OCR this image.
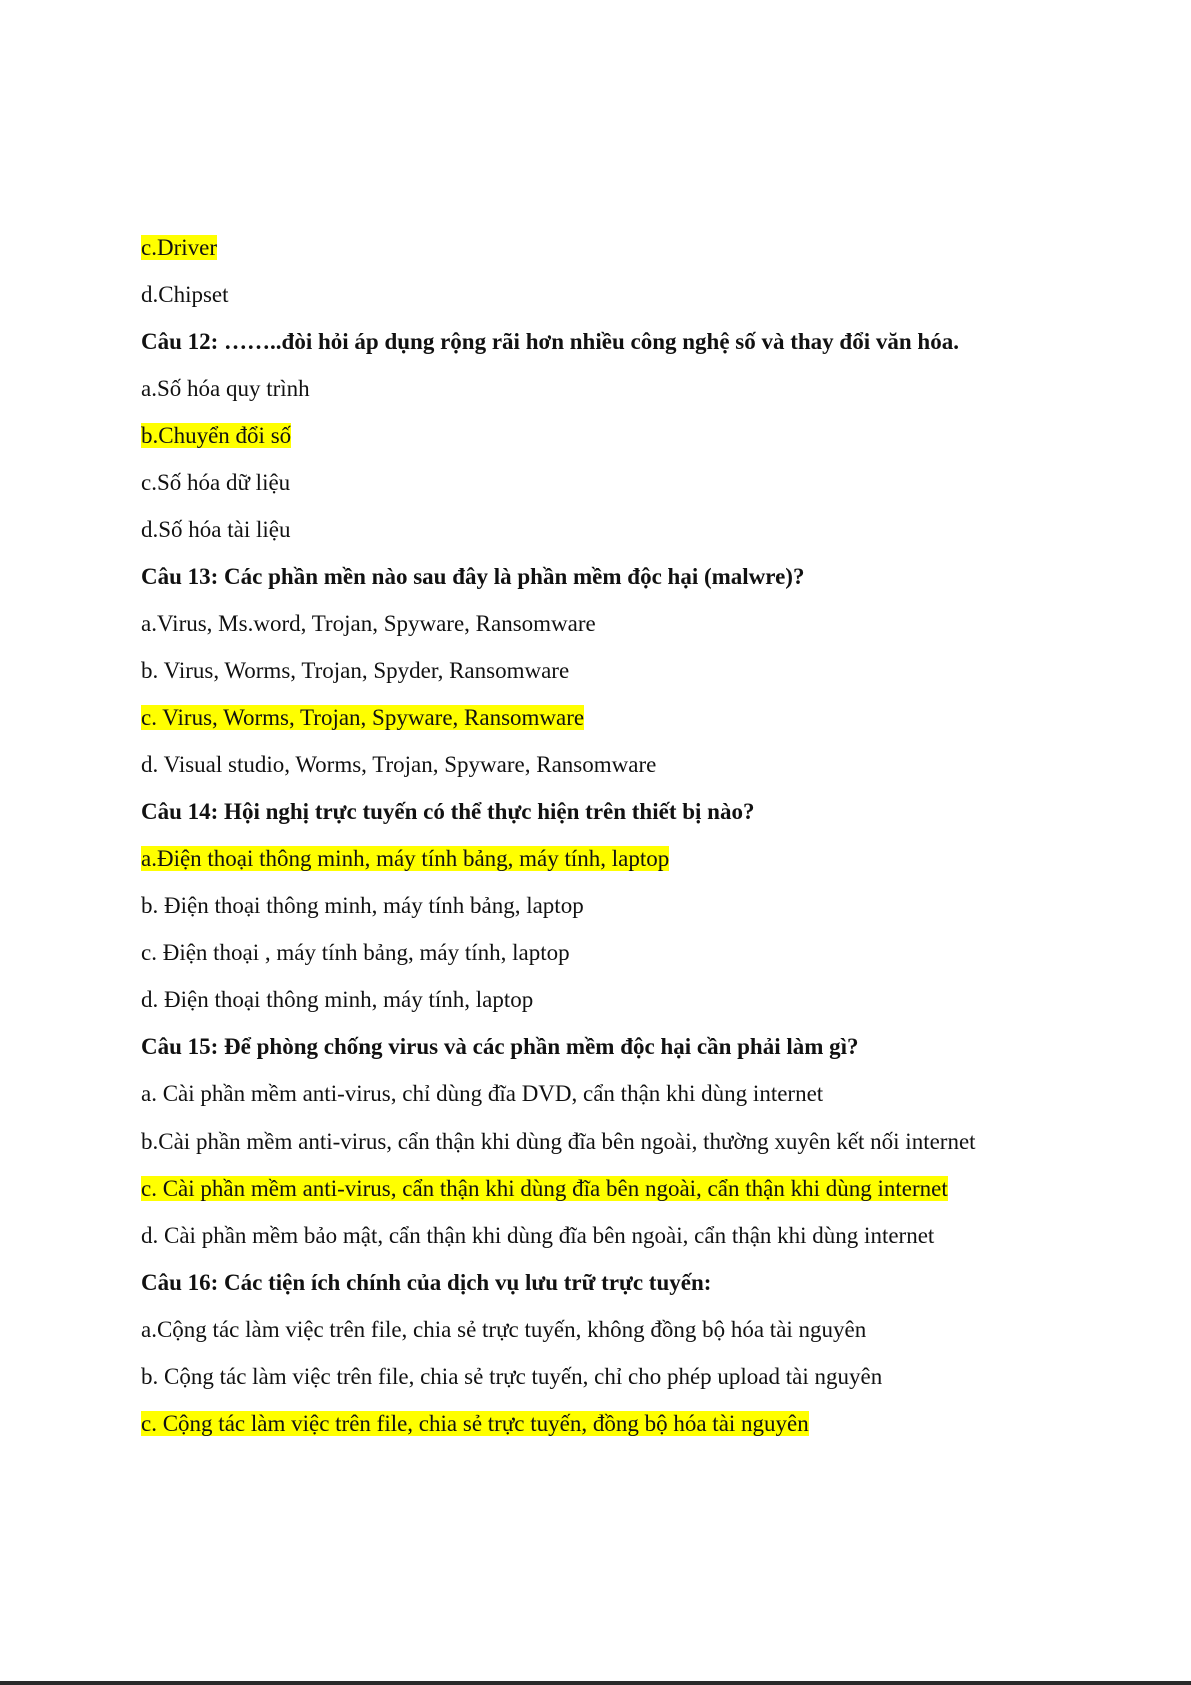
c.Driver

d.Chipset

Câu 12: ……..đòi hỏi áp dụng rộng rãi hơn nhiều công nghệ số và thay đổi văn hóa.

a.Số hóa quy trình

b.Chuyển đổi số

c.Số hóa dữ liệu

d.Số hóa tài liệu

Câu 13: Các phần mền nào sau đây là phần mềm độc hại (malwre)?

a.Virus, Ms.word, Trojan, Spyware, Ransomware

b. Virus, Worms, Trojan, Spyder, Ransomware

c. Virus, Worms, Trojan, Spyware, Ransomware

d. Visual studio, Worms, Trojan, Spyware, Ransomware

Câu 14: Hội nghị trực tuyến có thể thực hiện trên thiết bị nào?

a.Điện thoại thông minh, máy tính bảng, máy tính, laptop

b. Điện thoại thông minh, máy tính bảng, laptop

c. Điện thoại , máy tính bảng, máy tính, laptop

d. Điện thoại thông minh, máy tính, laptop

Câu 15: Để phòng chống virus và các phần mềm độc hại cần phải làm gì?

a. Cài phần mềm anti-virus, chỉ dùng đĩa DVD, cẩn thận khi dùng internet

b.Cài phần mềm anti-virus, cẩn thận khi dùng đĩa bên ngoài, thường xuyên kết nối internet

c. Cài phần mềm anti-virus, cẩn thận khi dùng đĩa bên ngoài, cẩn thận khi dùng internet

d. Cài phần mềm bảo mật, cẩn thận khi dùng đĩa bên ngoài, cẩn thận khi dùng internet

Câu 16: Các tiện ích chính của dịch vụ lưu trữ trực tuyến:

a.Cộng tác làm việc trên file, chia sẻ trực tuyến, không đồng bộ hóa tài nguyên

b. Cộng tác làm việc trên file, chia sẻ trực tuyến, chỉ cho phép upload tài nguyên

c. Cộng tác làm việc trên file, chia sẻ trực tuyến, đồng bộ hóa tài nguyên
